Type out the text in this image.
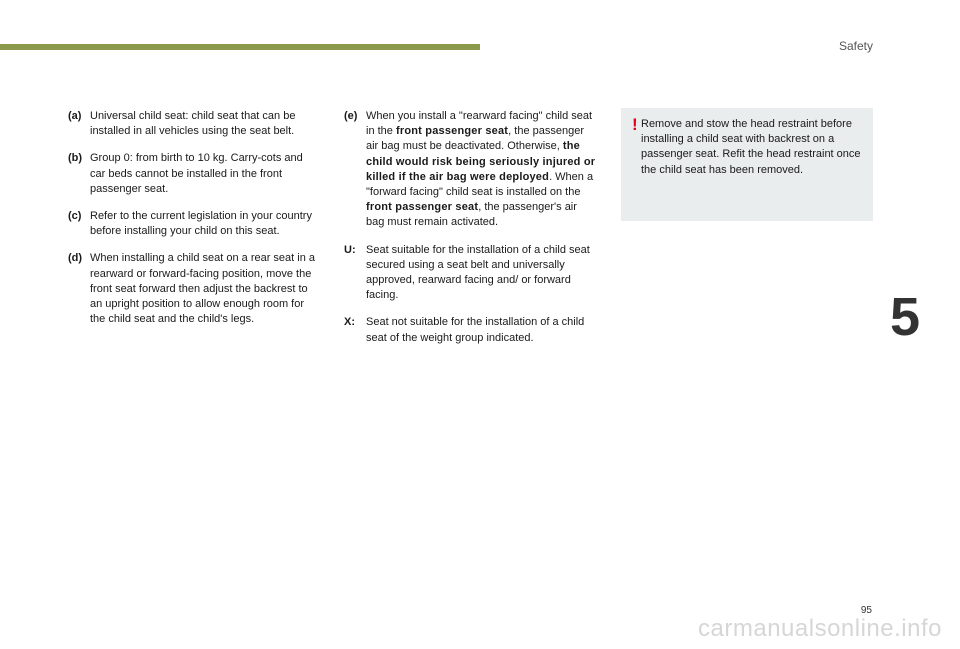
Safety
5
(a) Universal child seat: child seat that can be installed in all vehicles using the seat belt.
(b) Group 0: from birth to 10 kg. Carry-cots and car beds cannot be installed in the front passenger seat.
(c) Refer to the current legislation in your country before installing your child on this seat.
(d) When installing a child seat on a rear seat in a rearward or forward-facing position, move the front seat forward then adjust the backrest to an upright position to allow enough room for the child seat and the child's legs.
(e) When you install a "rearward facing" child seat in the front passenger seat, the passenger air bag must be deactivated. Otherwise, the child would risk being seriously injured or killed if the air bag were deployed. When a "forward facing" child seat is installed on the front passenger seat, the passenger's air bag must remain activated.
U: Seat suitable for the installation of a child seat secured using a seat belt and universally approved, rearward facing and/ or forward facing.
X:	Seat not suitable for the installation of a child seat of the weight group indicated.
! Remove and stow the head restraint before installing a child seat with backrest on a passenger seat. Refit the head restraint once the child seat has been removed.
95
carmanualsonline.info
